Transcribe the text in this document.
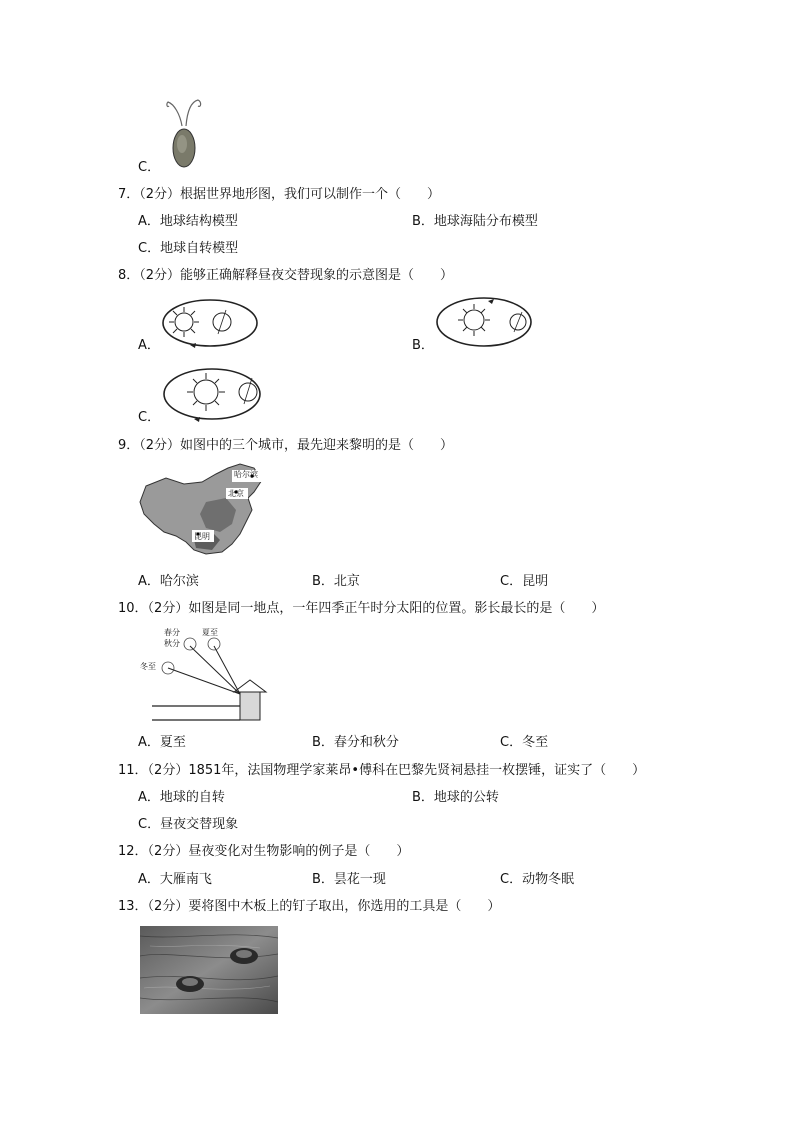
C．
7．（2分）根据世界地形图，我们可以制作一个（　　）
A．地球结构模型	B．地球海陆分布模型
C．地球自转模型
8．（2分）能够正确解释昼夜交替现象的示意图是（　　）
A．	B．
C．
9．（2分）如图中的三个城市，最先迎来黎明的是（　　）
哈尔滨
北京
昆明
A．哈尔滨	B．北京	C．昆明
10．（2分）如图是同一地点，一年四季正午时分太阳的位置。影长最长的是（　　）
春分
秋分
夏至
冬至
A．夏至	B．春分和秋分	C．冬至
11．（2分）1851年，法国物理学家莱昂•傅科在巴黎先贤祠悬挂一枚摆锤，证实了（　　）
A．地球的自转	B．地球的公转
C．昼夜交替现象
12．（2分）昼夜变化对生物影响的例子是（　　）
A．大雁南飞	B．昙花一现	C．动物冬眠
13．（2分）要将图中木板上的钉子取出，你选用的工具是（　　）
